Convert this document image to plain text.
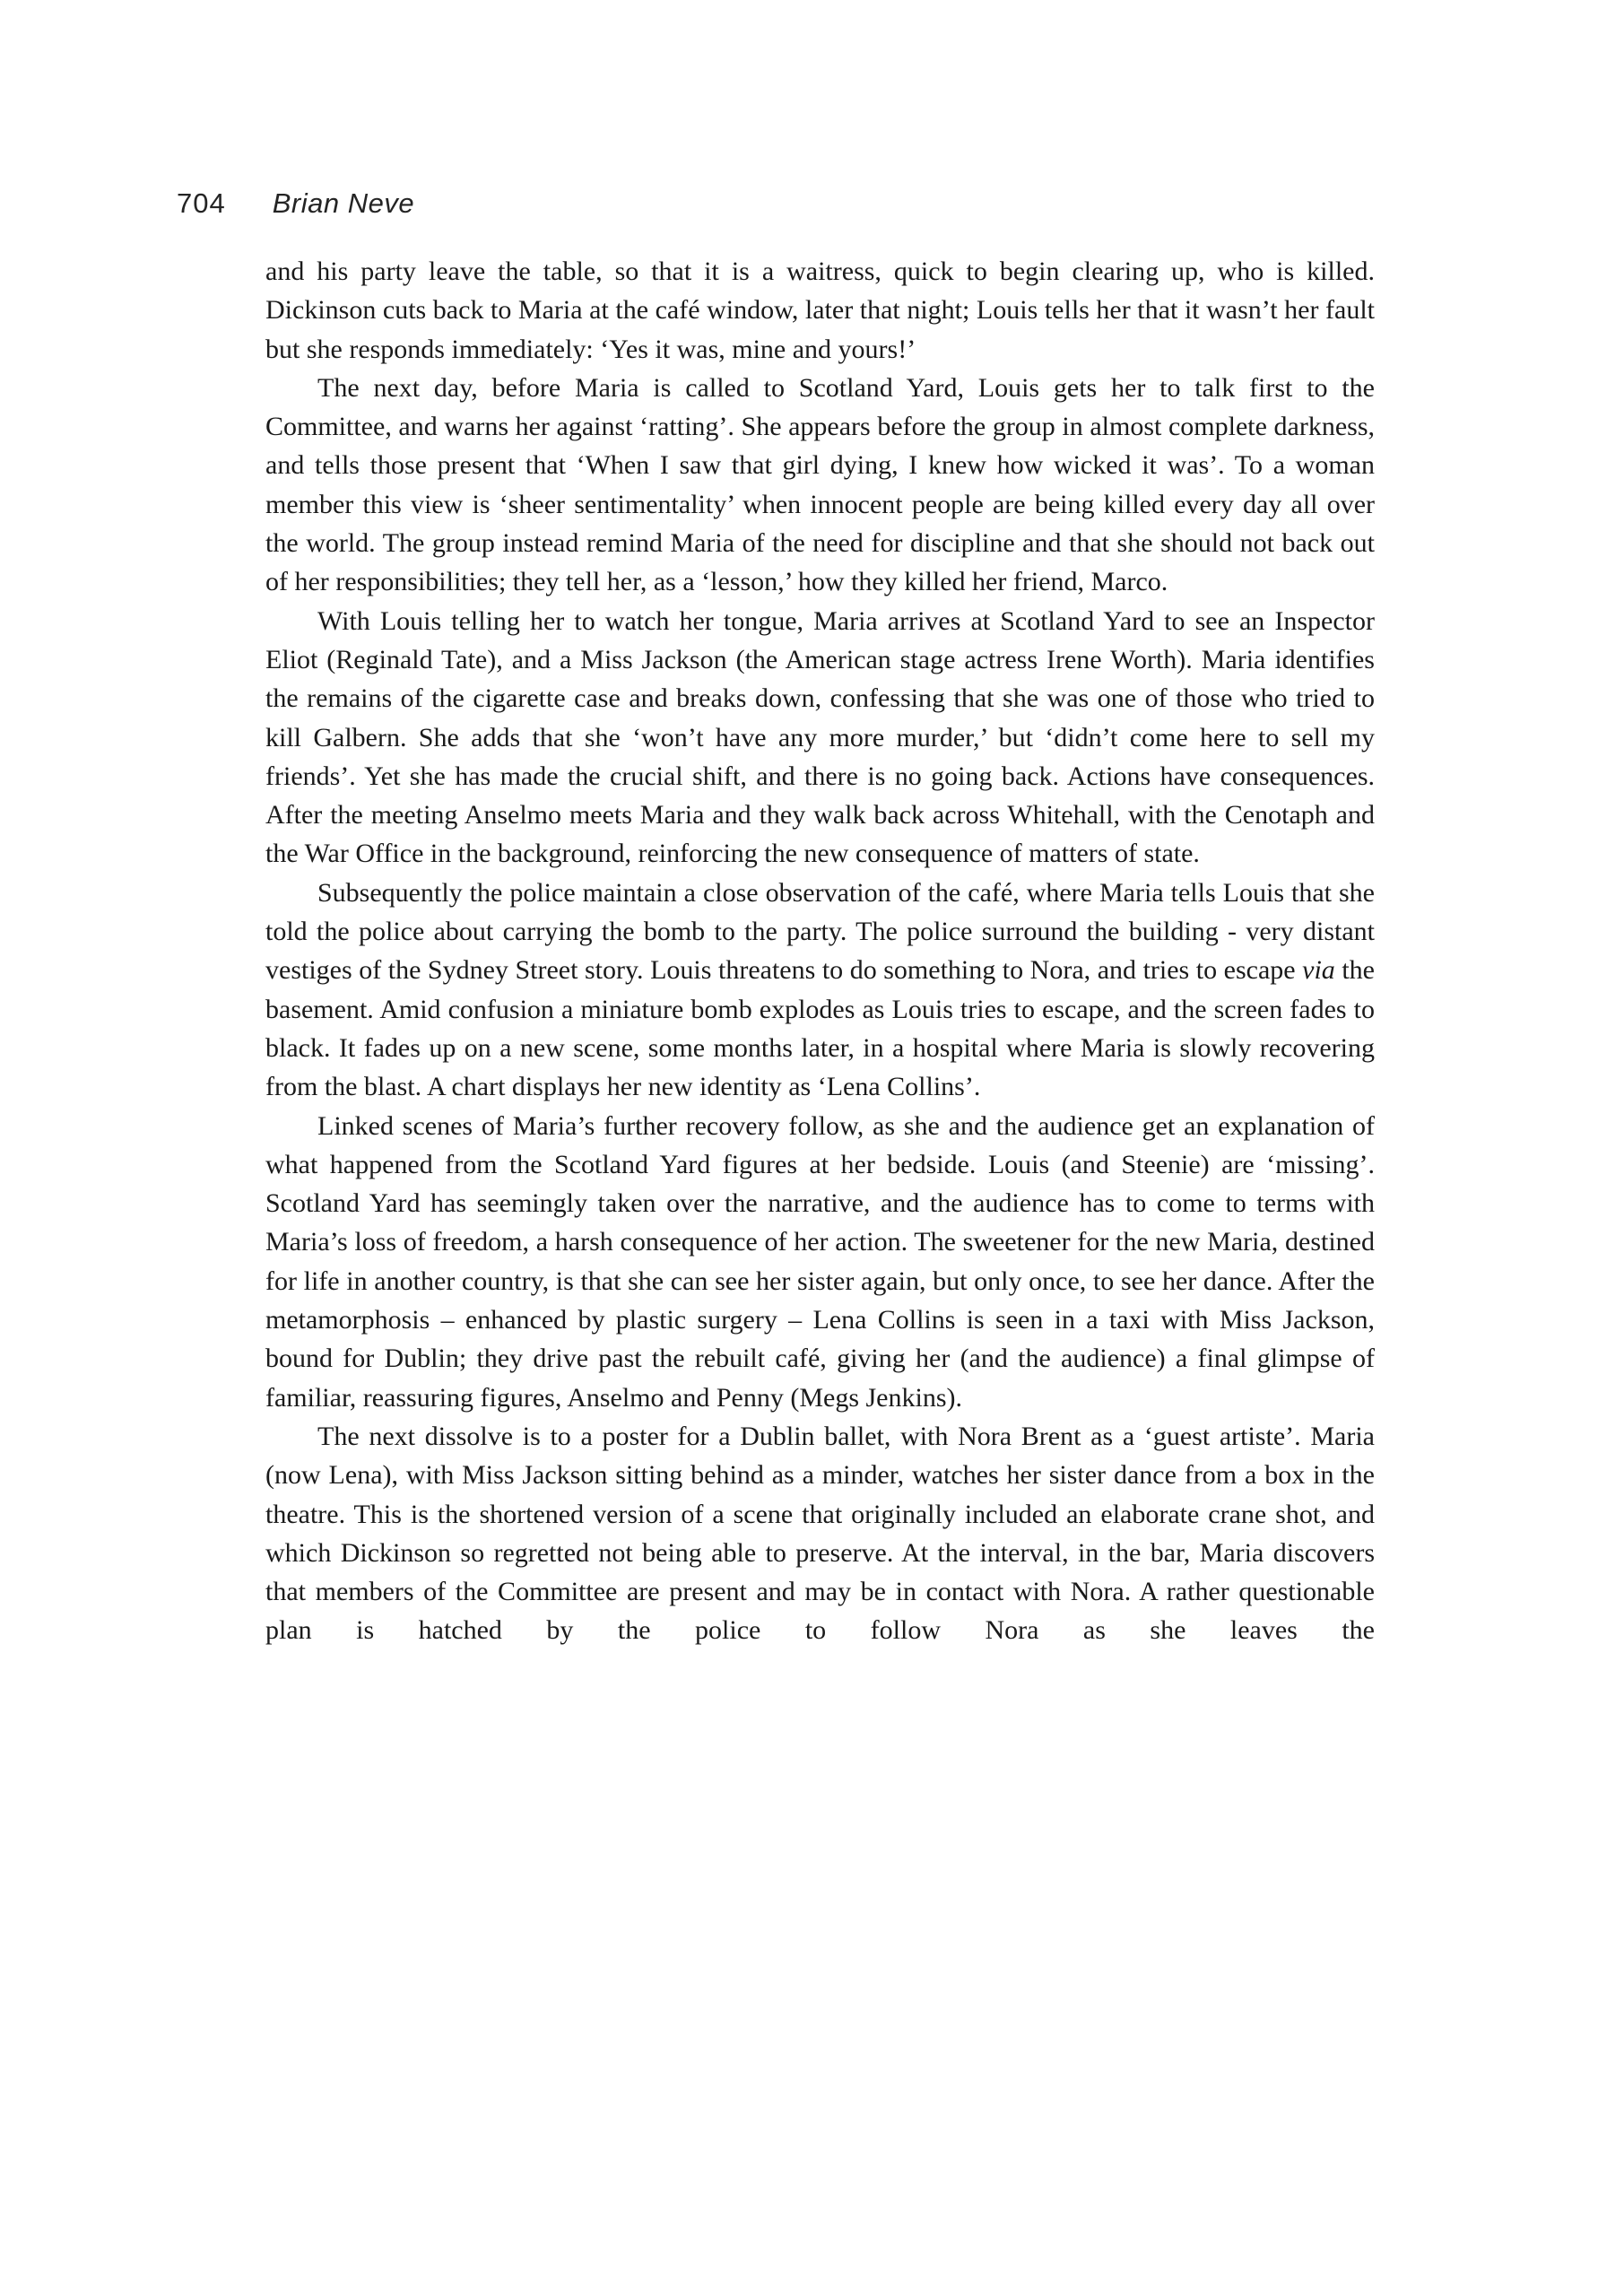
704 Brian Neve

and his party leave the table, so that it is a waitress, quick to begin clearing up, who is killed. Dickinson cuts back to Maria at the café window, later that night; Louis tells her that it wasn’t her fault but she responds immediately: ‘Yes it was, mine and yours!’

The next day, before Maria is called to Scotland Yard, Louis gets her to talk first to the Committee, and warns her against ‘ratting’. She appears before the group in almost complete darkness, and tells those present that ‘When I saw that girl dying, I knew how wicked it was’. To a woman member this view is ‘sheer sentimentality’ when innocent people are being killed every day all over the world. The group instead remind Maria of the need for discipline and that she should not back out of her responsibilities; they tell her, as a ‘lesson,’ how they killed her friend, Marco.

With Louis telling her to watch her tongue, Maria arrives at Scotland Yard to see an Inspector Eliot (Reginald Tate), and a Miss Jackson (the American stage actress Irene Worth). Maria identifies the remains of the cigarette case and breaks down, confessing that she was one of those who tried to kill Galbern. She adds that she ‘won’t have any more murder,’ but ‘didn’t come here to sell my friends’. Yet she has made the crucial shift, and there is no going back. Actions have consequences. After the meeting Anselmo meets Maria and they walk back across Whitehall, with the Cenotaph and the War Office in the background, reinforcing the new consequence of matters of state.

Subsequently the police maintain a close observation of the café, where Maria tells Louis that she told the police about carrying the bomb to the party. The police surround the building - very distant vestiges of the Sydney Street story. Louis threatens to do something to Nora, and tries to escape via the basement. Amid confusion a miniature bomb explodes as Louis tries to escape, and the screen fades to black. It fades up on a new scene, some months later, in a hospital where Maria is slowly recovering from the blast. A chart displays her new identity as ‘Lena Collins’.

Linked scenes of Maria’s further recovery follow, as she and the audience get an explanation of what happened from the Scotland Yard figures at her bedside. Louis (and Steenie) are ‘missing’. Scotland Yard has seemingly taken over the narrative, and the audience has to come to terms with Maria’s loss of freedom, a harsh consequence of her action. The sweetener for the new Maria, destined for life in another country, is that she can see her sister again, but only once, to see her dance. After the metamorphosis – enhanced by plastic surgery – Lena Collins is seen in a taxi with Miss Jackson, bound for Dublin; they drive past the rebuilt café, giving her (and the audience) a final glimpse of familiar, reassuring figures, Anselmo and Penny (Megs Jenkins).

The next dissolve is to a poster for a Dublin ballet, with Nora Brent as a ‘guest artiste’. Maria (now Lena), with Miss Jackson sitting behind as a minder, watches her sister dance from a box in the theatre. This is the shortened version of a scene that originally included an elaborate crane shot, and which Dickinson so regretted not being able to preserve. At the interval, in the bar, Maria discovers that members of the Committee are present and may be in contact with Nora. A rather questionable plan is hatched by the police to follow Nora as she leaves the
